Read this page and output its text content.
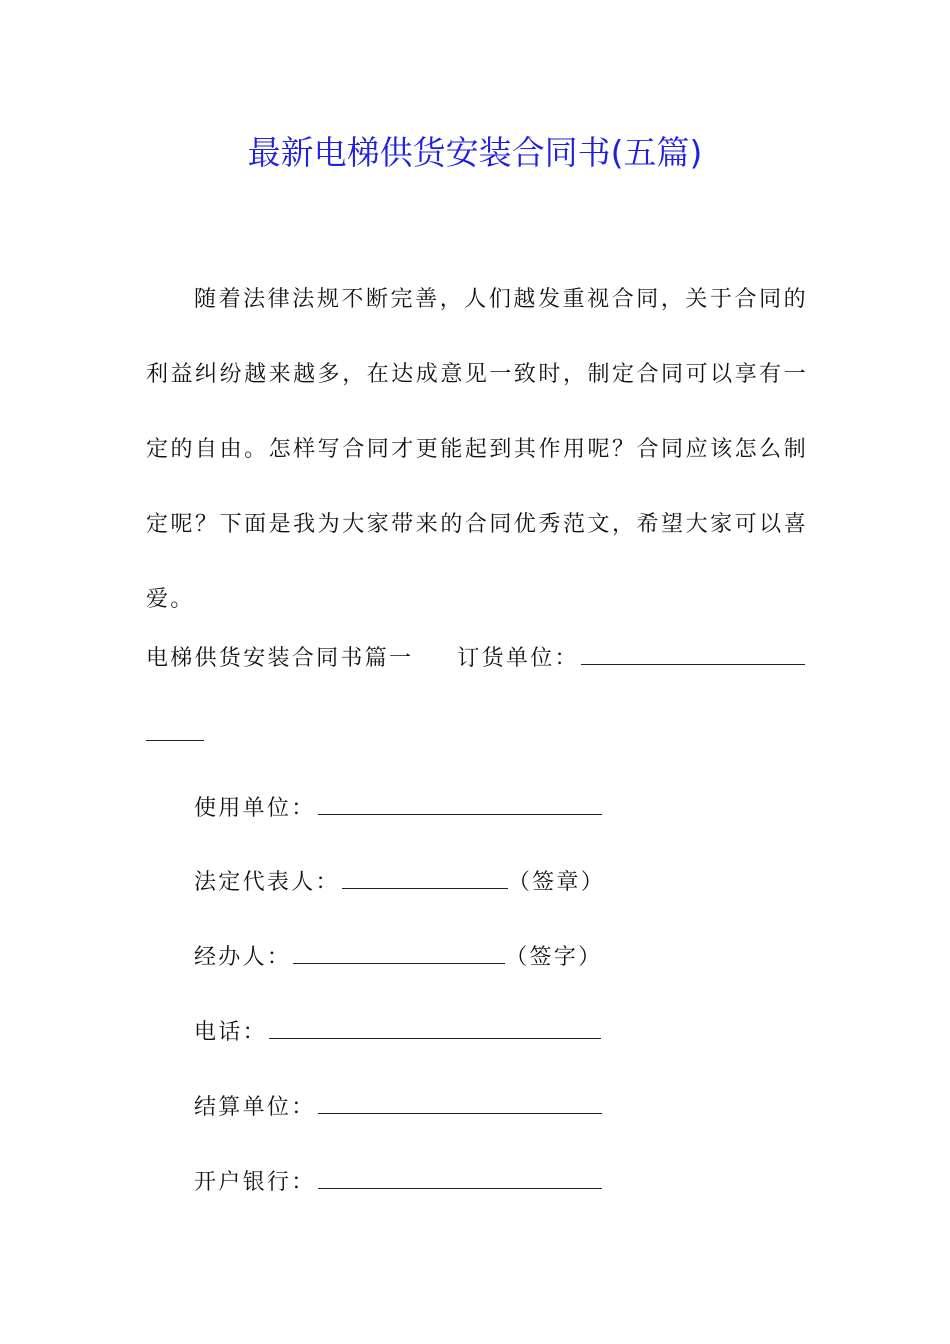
最新电梯供货安装合同书(五篇)

随着法律法规不断完善，人们越发重视合同，关于合同的利益纠纷越来越多，在达成意见一致时，制定合同可以享有一定的自由。怎样写合同才更能起到其作用呢？合同应该怎么制定呢？下面是我为大家带来的合同优秀范文，希望大家可以喜爱。

电梯供货安装合同书篇一 订货单位：
使用单位：
法定代表人：	（签章）
经办人：	（签字）
电话：
结算单位：
开户银行：
